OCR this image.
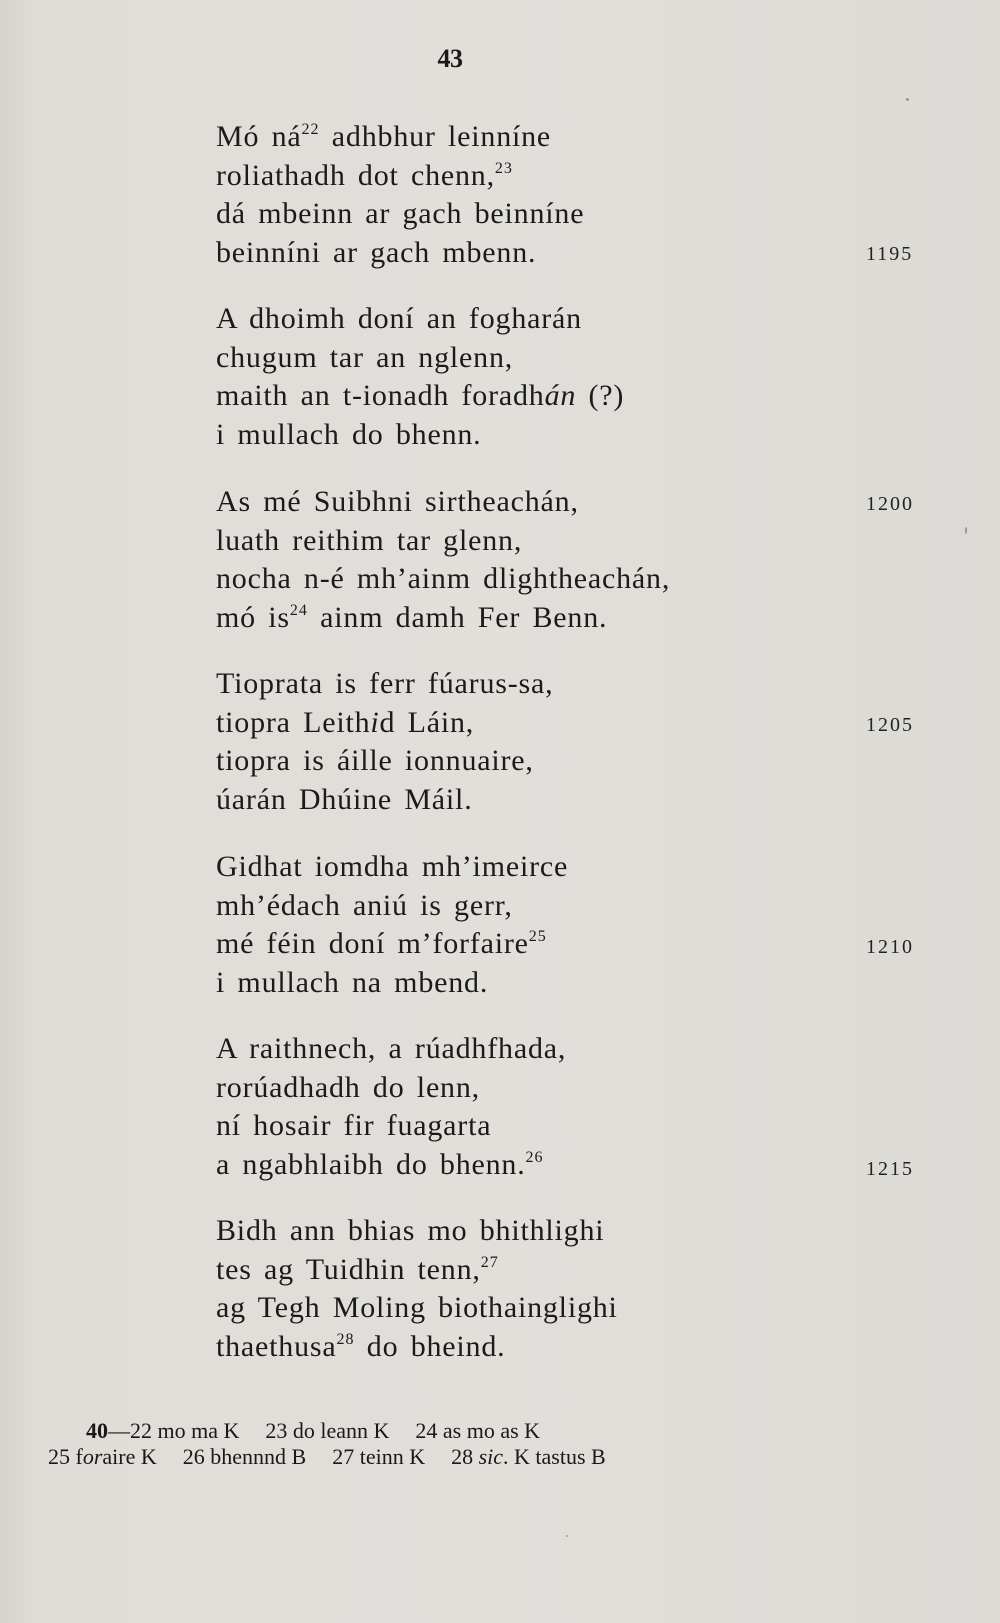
43
Mó $ná^{22}$ adhbhur leinníne
roliathadh dot chenn,$^{23}$
dá mbeinn ar gach beinníne
beinníni ar gach mbenn.
A dhoimh doní an fogharán
chugum tar an nglenn,
maith an t-ionadh foradhán (?)
i mullach do bhenn.
As mé Suibhni sirtheachán,
luath reithim tar glenn,
nocha n-é mh’ainm dlightheachán,
mó $is^{24}$ ainm damh Fer Benn.
Tioprata is ferr fúarus-sa,
tiopra Leithid Láin,
tiopra is áille ionnuaire,
úarán Dhúine Máil.
Gidhat iomdha mh’imeirce
mh’édach aniú is gerr,
mé féin doní m’forfaire$^{25}$
i mullach na mbend.
A raithnech, a rúadhfhada,
rorúadhadh do lenn,
ní hosair fir fuagarta
a ngabhlaibh do bhenn.$^{26}$
Bidh ann bhias mo bhithlighi
tes ag Tuidhin tenn,$^{27}$
ag Tegh Moling biothainglighi
thaethusa$^{28}$ do bheind.
1195
1200
1205
1210
1215
40—22 mo ma K 23 do leann K 24 as mo as K
25 foraire K 26 bhennnd B 27 teinn K 28 sic. K tastus B
